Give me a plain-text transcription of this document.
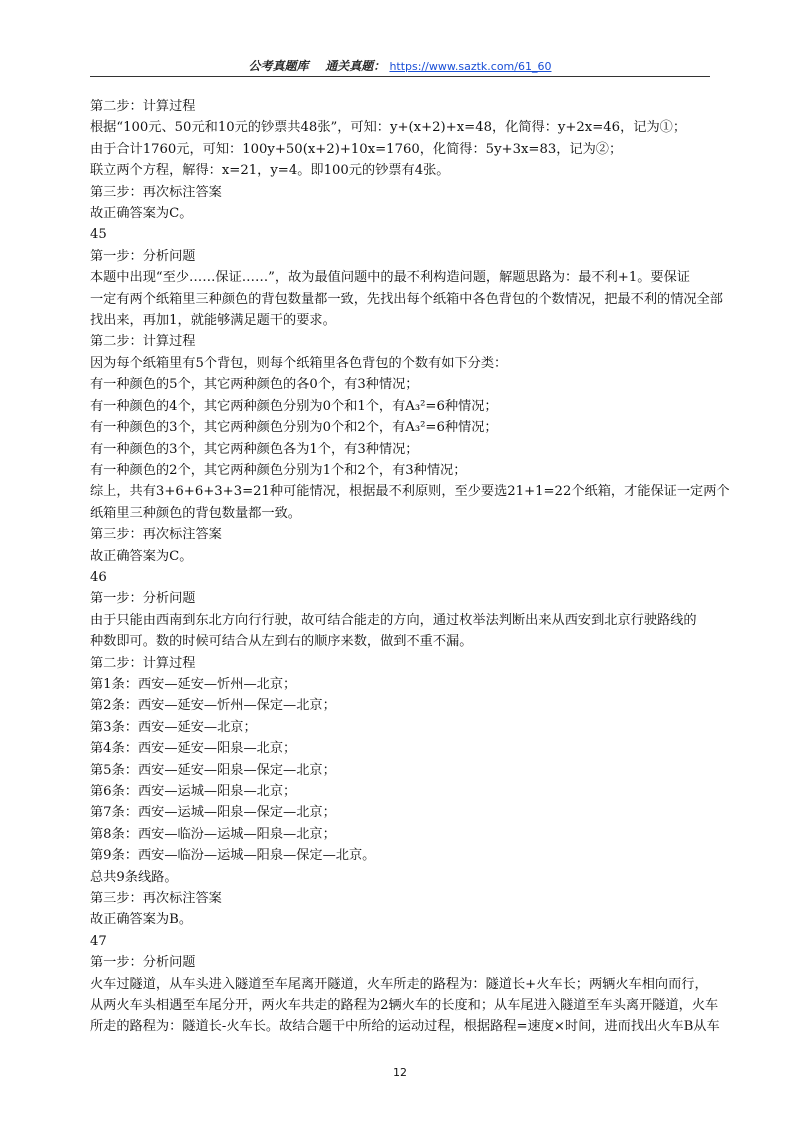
公考真题库 通关真题： https://www.saztk.com/61_60

第二步：计算过程

根据“100元、50元和10元的钞票共48张”，可知：y+(x+2)+x=48，化简得：y+2x=46，记为①；

由于合计1760元，可知：100y+50(x+2)+10x=1760，化简得：5y+3x=83，记为②；

联立两个方程，解得：x=21，y=4。即100元的钞票有4张。

第三步：再次标注答案

故正确答案为C。

45

第一步：分析问题

本题中出现“至少……保证……”，故为最值问题中的最不利构造问题，解题思路为：最不利+1。要保证

一定有两个纸箱里三种颜色的背包数量都一致，先找出每个纸箱中各色背包的个数情况，把最不利的情况全部

找出来，再加1，就能够满足题干的要求。

第二步：计算过程

因为每个纸箱里有5个背包，则每个纸箱里各色背包的个数有如下分类：

有一种颜色的5个，其它两种颜色的各0个，有3种情况；

有一种颜色的4个，其它两种颜色分别为0个和1个，有A₃²=6种情况；

有一种颜色的3个，其它两种颜色分别为0个和2个，有A₃²=6种情况；

有一种颜色的3个，其它两种颜色各为1个，有3种情况；

有一种颜色的2个，其它两种颜色分别为1个和2个，有3种情况；

综上，共有3+6+6+3+3=21种可能情况，根据最不利原则，至少要选21+1=22个纸箱，才能保证一定两个

纸箱里三种颜色的背包数量都一致。

第三步：再次标注答案

故正确答案为C。

46

第一步：分析问题

由于只能由西南到东北方向行行驶，故可结合能走的方向，通过枚举法判断出来从西安到北京行驶路线的

种数即可。数的时候可结合从左到右的顺序来数，做到不重不漏。

第二步：计算过程

第1条：西安—延安—忻州—北京；

第2条：西安—延安—忻州—保定—北京；

第3条：西安—延安—北京；

第4条：西安—延安—阳泉—北京；

第5条：西安—延安—阳泉—保定—北京；

第6条：西安—运城—阳泉—北京；

第7条：西安—运城—阳泉—保定—北京；

第8条：西安—临汾—运城—阳泉—北京；

第9条：西安—临汾—运城—阳泉—保定—北京。

总共9条线路。

第三步：再次标注答案

故正确答案为B。

47

第一步：分析问题

火车过隧道，从车头进入隧道至车尾离开隧道，火车所走的路程为：隧道长+火车长；两辆火车相向而行，

从两火车头相遇至车尾分开，两火车共走的路程为2辆火车的长度和；从车尾进入隧道至车头离开隧道，火车

所走的路程为：隧道长-火车长。故结合题干中所给的运动过程，根据路程=速度×时间，进而找出火车B从车

12
